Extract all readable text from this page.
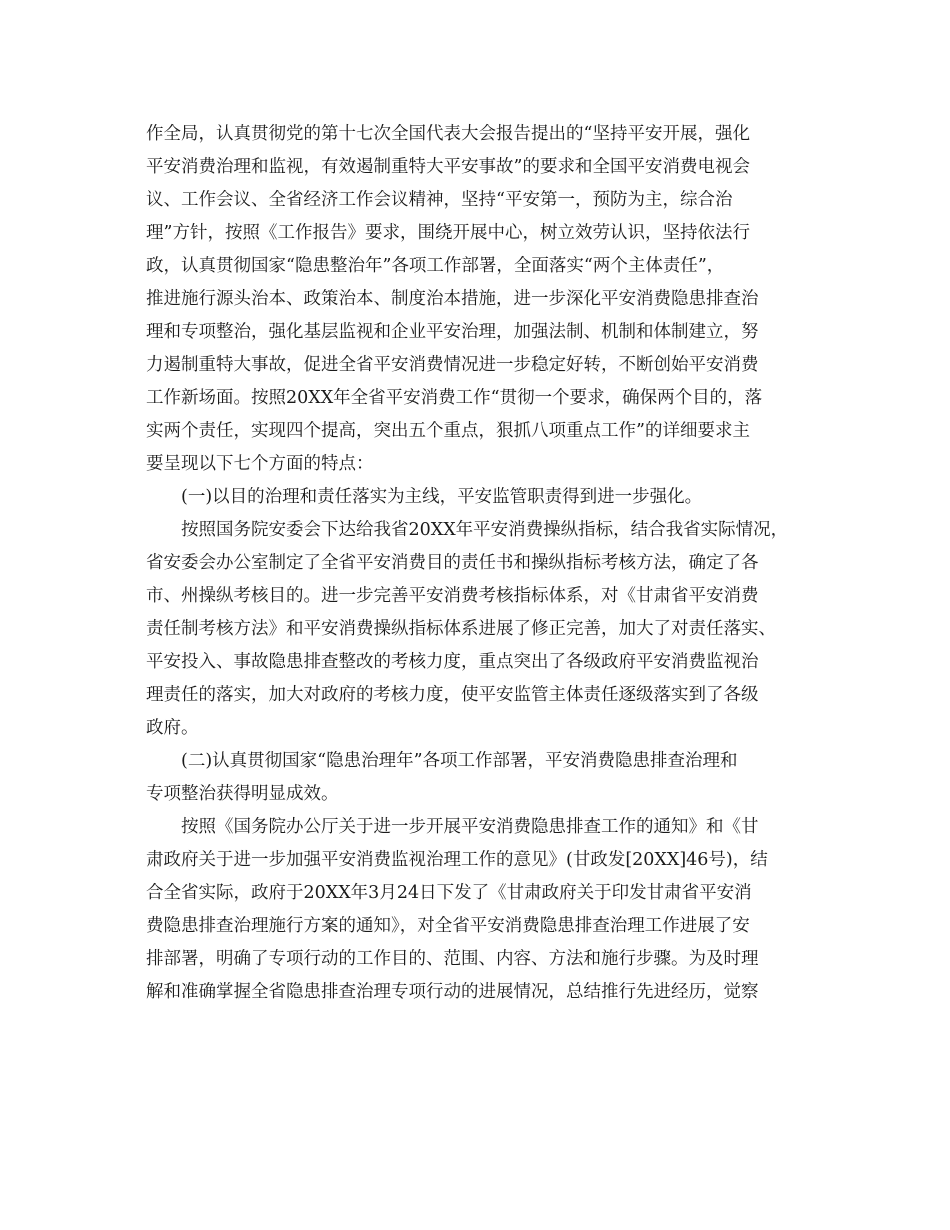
作全局，认真贯彻党的第十七次全国代表大会报告提出的“坚持平安开展，强化
平安消费治理和监视，有效遏制重特大平安事故”的要求和全国平安消费电视会
议、工作会议、全省经济工作会议精神，坚持“平安第一，预防为主，综合治
理”方针，按照《工作报告》要求，围绕开展中心，树立效劳认识，坚持依法行
政，认真贯彻国家“隐患整治年”各项工作部署，全面落实“两个主体责任”，
推进施行源头治本、政策治本、制度治本措施，进一步深化平安消费隐患排查治
理和专项整治，强化基层监视和企业平安治理，加强法制、机制和体制建立，努
力遏制重特大事故，促进全省平安消费情况进一步稳定好转，不断创始平安消费
工作新场面。按照20XX年全省平安消费工作“贯彻一个要求，确保两个目的，落
实两个责任，实现四个提高，突出五个重点，狠抓八项重点工作”的详细要求主
要呈现以下七个方面的特点：
(一)以目的治理和责任落实为主线，平安监管职责得到进一步强化。
按照国务院安委会下达给我省20XX年平安消费操纵指标，结合我省实际情况，
省安委会办公室制定了全省平安消费目的责任书和操纵指标考核方法，确定了各
市、州操纵考核目的。进一步完善平安消费考核指标体系，对《甘肃省平安消费
责任制考核方法》和平安消费操纵指标体系进展了修正完善，加大了对责任落实、
平安投入、事故隐患排查整改的考核力度，重点突出了各级政府平安消费监视治
理责任的落实，加大对政府的考核力度，使平安监管主体责任逐级落实到了各级
政府。
(二)认真贯彻国家“隐患治理年”各项工作部署，平安消费隐患排查治理和
专项整治获得明显成效。
按照《国务院办公厅关于进一步开展平安消费隐患排查工作的通知》和《甘
肃政府关于进一步加强平安消费监视治理工作的意见》(甘政发[20XX]46号)，结
合全省实际，政府于20XX年3月24日下发了《甘肃政府关于印发甘肃省平安消
费隐患排查治理施行方案的通知》，对全省平安消费隐患排查治理工作进展了安
排部署，明确了专项行动的工作目的、范围、内容、方法和施行步骤。为及时理
解和准确掌握全省隐患排查治理专项行动的进展情况，总结推行先进经历，觉察
